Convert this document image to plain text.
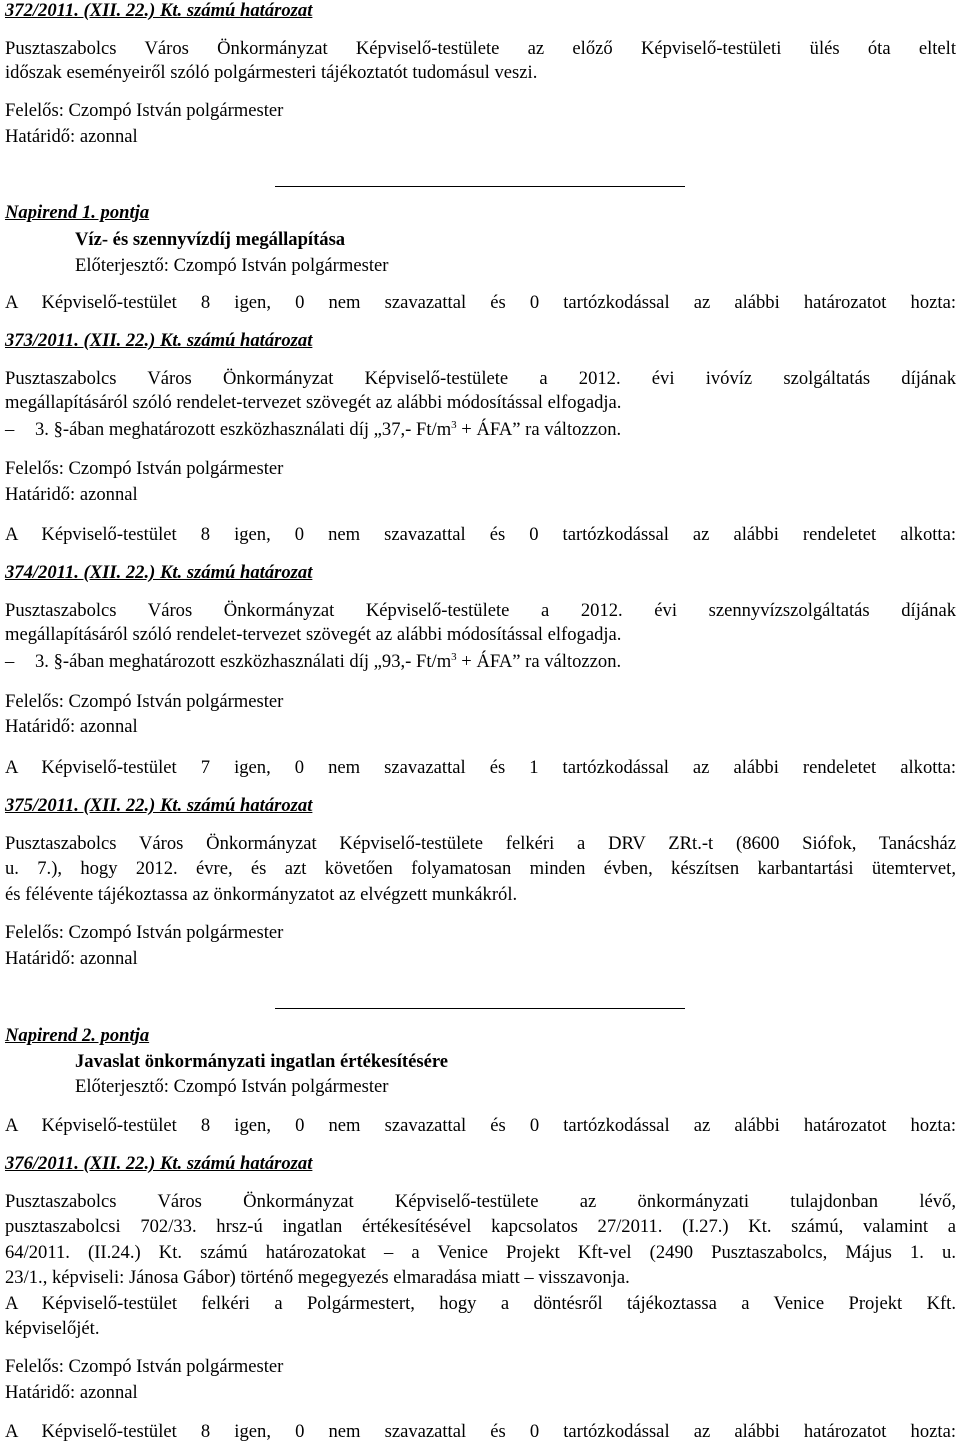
372/2011. (XII. 22.) Kt. számú határozat
Pusztaszabolcs Város Önkormányzat Képviselő-testülete az előző Képviselő-testületi ülés óta eltelt
időszak eseményeiről szóló polgármesteri tájékoztatót tudomásul veszi.
Felelős: Czompó István polgármester
Határidő: azonnal
Napirend 1. pontja
Víz- és szennyvízdíj megállapítása
Előterjesztő: Czompó István polgármester
A Képviselő-testület 8 igen, 0 nem szavazattal és 0 tartózkodással az alábbi határozatot hozta:
373/2011. (XII. 22.) Kt. számú határozat
Pusztaszabolcs Város Önkormányzat Képviselő-testülete a 2012. évi ivóvíz szolgáltatás díjának
megállapításáról szóló rendelet-tervezet szövegét az alábbi módosítással elfogadja.
– 3. §-ában meghatározott eszközhasználati díj „37,- $Ft/m^3$ + ÁFA” ra változzon.
Felelős: Czompó István polgármester
Határidő: azonnal
A Képviselő-testület 8 igen, 0 nem szavazattal és 0 tartózkodással az alábbi rendeletet alkotta:
374/2011. (XII. 22.) Kt. számú határozat
Pusztaszabolcs Város Önkormányzat Képviselő-testülete a 2012. évi szennyvízszolgáltatás díjának
megállapításáról szóló rendelet-tervezet szövegét az alábbi módosítással elfogadja.
– 3. §-ában meghatározott eszközhasználati díj „93,- $Ft/m^3$ + ÁFA” ra változzon.
Felelős: Czompó István polgármester
Határidő: azonnal
A Képviselő-testület 7 igen, 0 nem szavazattal és 1 tartózkodással az alábbi rendeletet alkotta:
375/2011. (XII. 22.) Kt. számú határozat
Pusztaszabolcs Város Önkormányzat Képviselő-testülete felkéri a DRV ZRt.-t (8600 Siófok, Tanácsház
u. 7.), hogy 2012. évre, és azt követően folyamatosan minden évben, készítsen karbantartási ütemtervet,
és félévente tájékoztassa az önkormányzatot az elvégzett munkákról.
Felelős: Czompó István polgármester
Határidő: azonnal
Napirend 2. pontja
Javaslat önkormányzati ingatlan értékesítésére
Előterjesztő: Czompó István polgármester
A Képviselő-testület 8 igen, 0 nem szavazattal és 0 tartózkodással az alábbi határozatot hozta:
376/2011. (XII. 22.) Kt. számú határozat
Pusztaszabolcs Város Önkormányzat Képviselő-testülete az önkormányzati tulajdonban lévő,
pusztaszabolcsi 702/33. hrsz-ú ingatlan értékesítésével kapcsolatos 27/2011. (I.27.) Kt. számú, valamint a
64/2011. (II.24.) Kt. számú határozatokat – a Venice Projekt Kft-vel (2490 Pusztaszabolcs, Május 1. u.
23/1., képviseli: Jánosa Gábor) történő megegyezés elmaradása miatt – visszavonja.
A Képviselő-testület felkéri a Polgármestert, hogy a döntésről tájékoztassa a Venice Projekt Kft.
képviselőjét.
Felelős: Czompó István polgármester
Határidő: azonnal
A Képviselő-testület 8 igen, 0 nem szavazattal és 0 tartózkodással az alábbi határozatot hozta:
